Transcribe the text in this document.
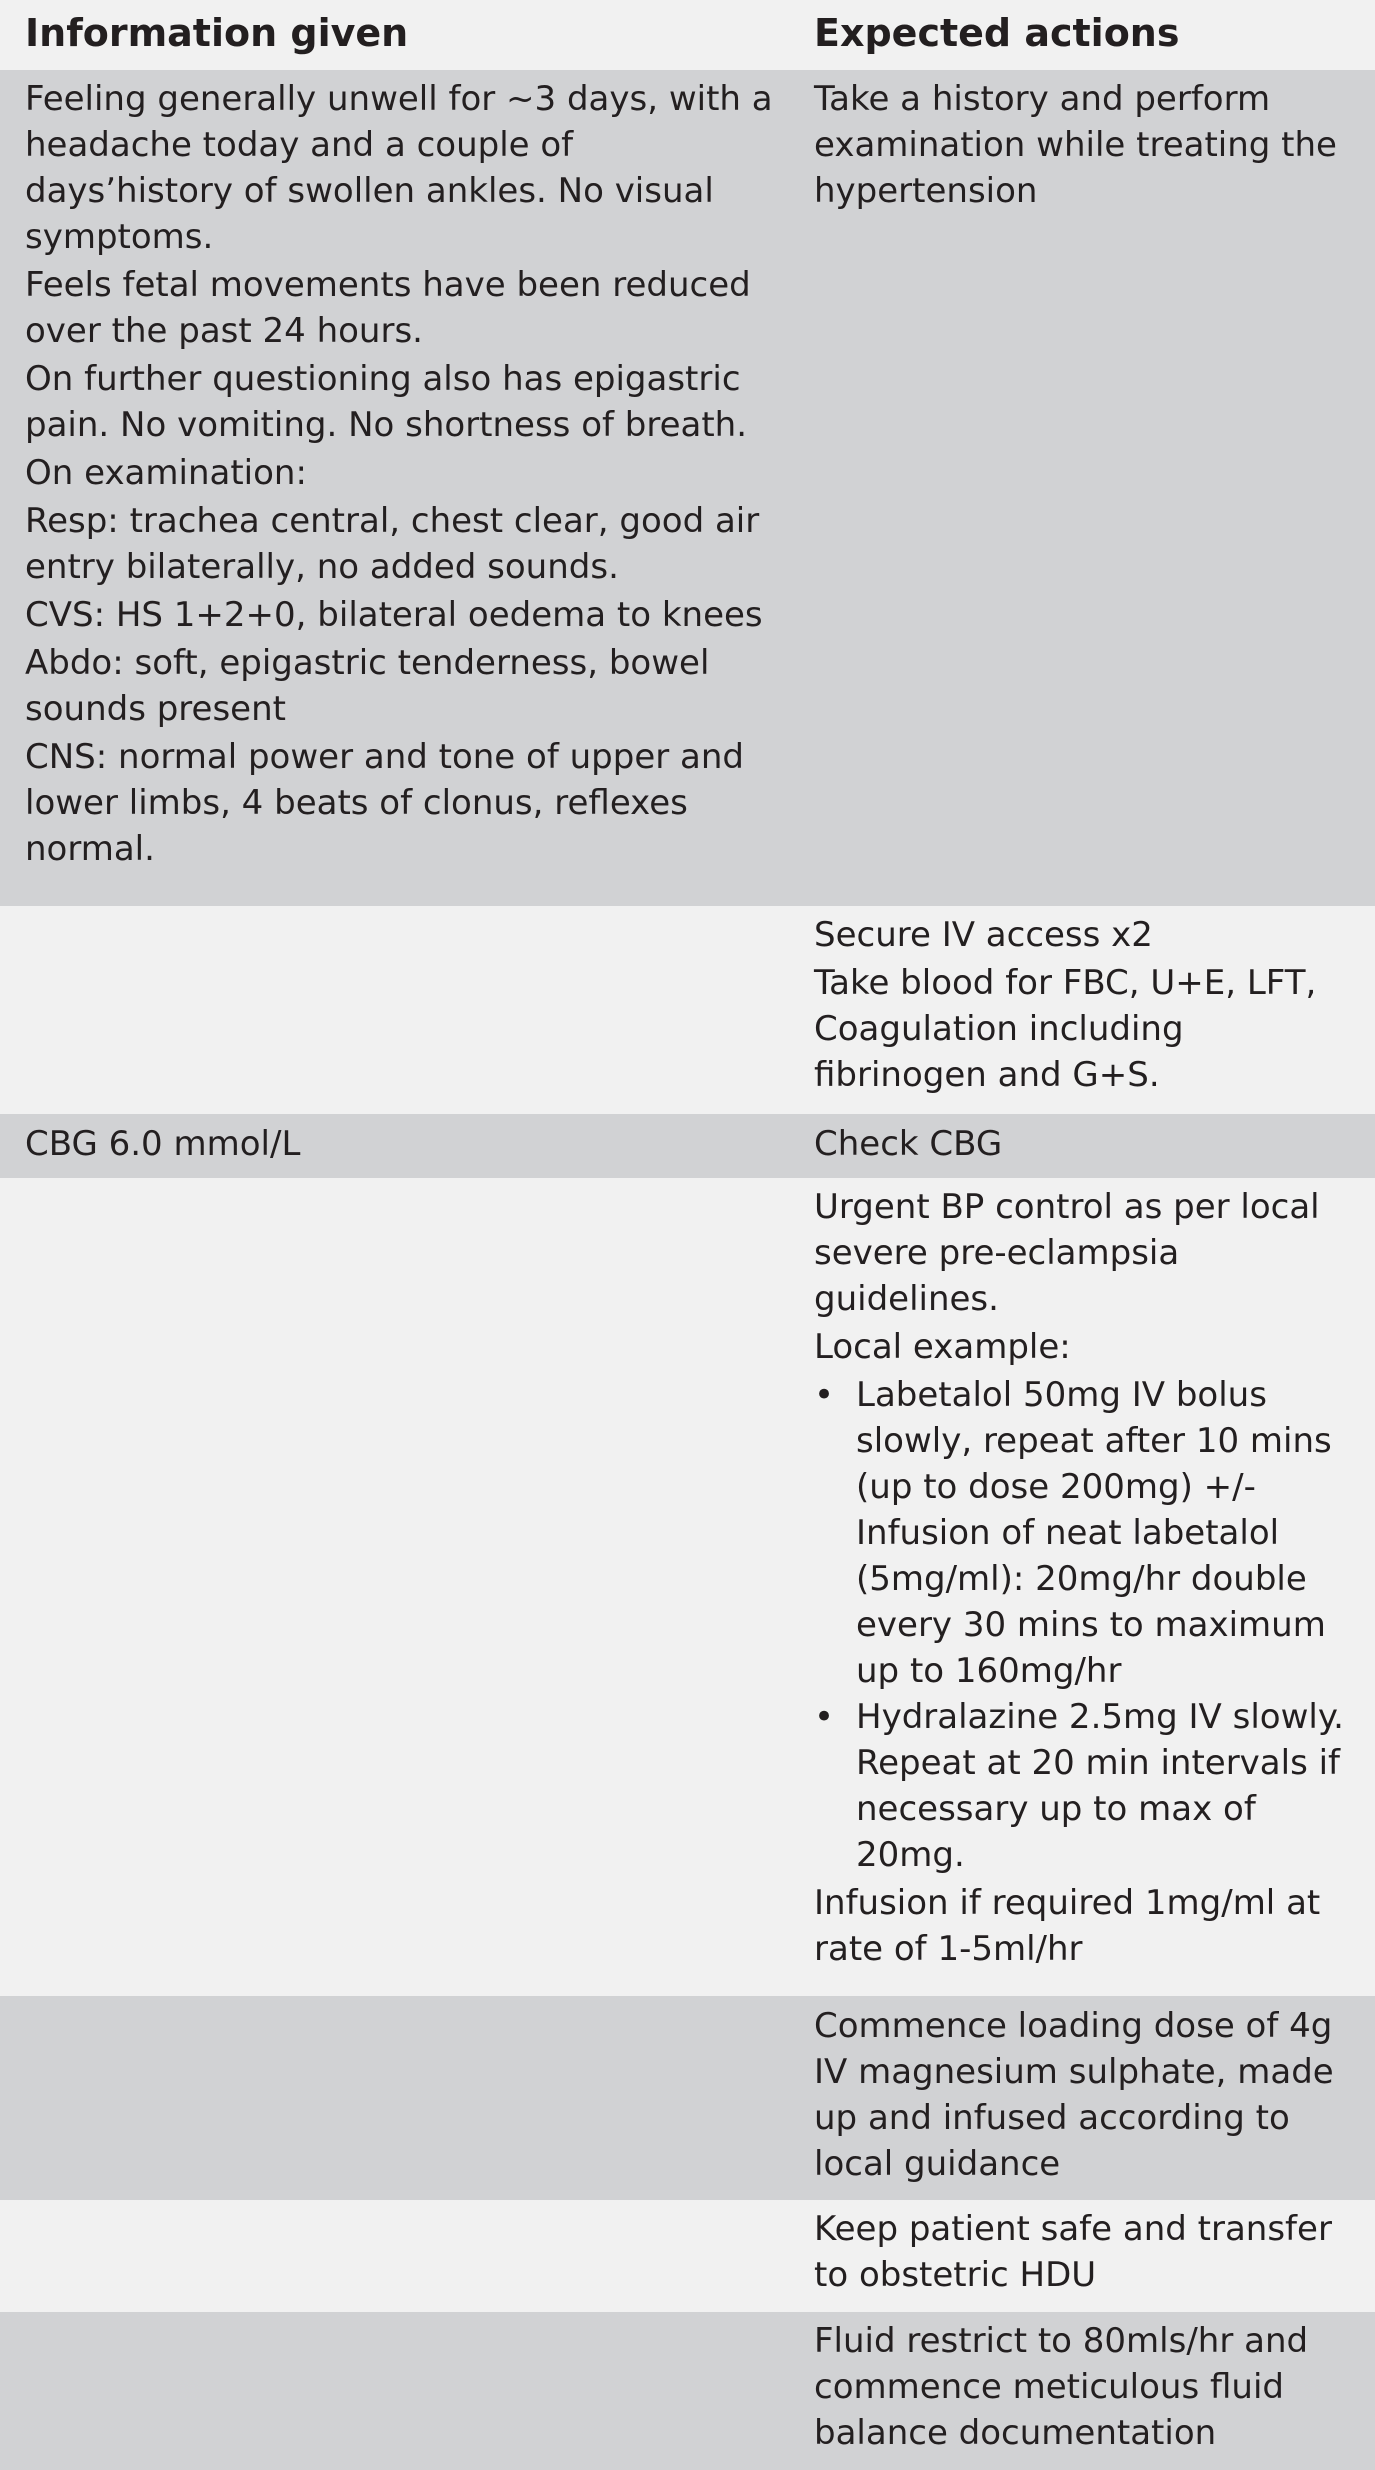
Information given	Expected actions

Feeling generally unwell for ~3 days, with a headache today and a couple of days’history of swollen ankles. No visual symptoms.

Feels fetal movements have been reduced over the past 24 hours.

On further questioning also has epigastric pain. No vomiting. No shortness of breath.

On examination:

Resp: trachea central, chest clear, good air entry bilaterally, no added sounds.

CVS: HS 1+2+0, bilateral oedema to knees

Abdo: soft, epigastric tenderness, bowel sounds present

CNS: normal power and tone of upper and lower limbs, 4 beats of clonus, reflexes normal.

Take a history and perform examination while treating the hypertension

Secure IV access x2

Take blood for FBC, U+E, LFT, Coagulation including fibrinogen and G+S.

CBG 6.0 mmol/L	Check CBG

Urgent BP control as per local severe pre-eclampsia guidelines.

Local example:

• Labetalol 50mg IV bolus slowly, repeat after 10 mins (up to dose 200mg) +/- Infusion of neat labetalol (5mg/ml): 20mg/hr double every 30 mins to maximum up to 160mg/hr
• Hydralazine 2.5mg IV slowly. Repeat at 20 min intervals if necessary up to max of 20mg.

Infusion if required 1mg/ml at rate of 1-5ml/hr

Commence loading dose of 4g IV magnesium sulphate, made up and infused according to local guidance

Keep patient safe and transfer to obstetric HDU

Fluid restrict to 80mls/hr and commence meticulous fluid balance documentation
